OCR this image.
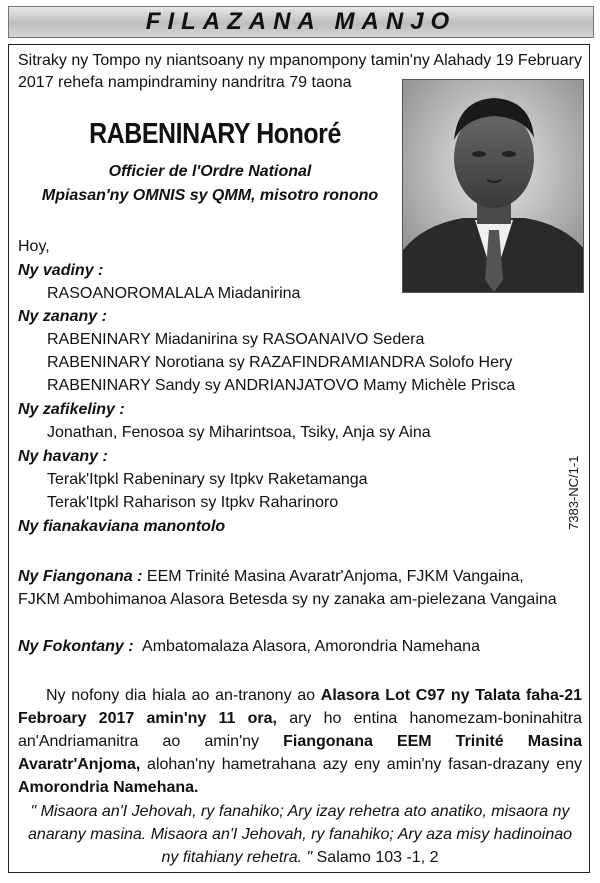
FILAZANA MANJO
Sitraky ny Tompo ny niantsoany ny mpanompony tamin'ny Alahady 19 February
2017 rehefa nampindraminy nandritra 79 taona
RABENINARY Honoré
Officier de l'Ordre National
Mpiasan'ny OMNIS sy QMM, misotro ronono
Hoy,
Ny vadiny :
RASOANOROMALALA Miadanirina
Ny zanany :
RABENINARY Miadanirina sy RASOANAIVO Sedera
RABENINARY Norotiana sy RAZAFINDRAMIANDRA Solofo Hery
RABENINARY Sandy sy ANDRIANJATOVO Mamy Michèle Prisca
Ny zafikeliny :
Jonathan, Fenosoa sy Miharintsoa, Tsiky, Anja sy Aina
Ny havany :
Terak'Itpkl Rabeninary sy Itpkv Raketamanga
Terak'Itpkl Raharison sy Itpkv Raharinoro
Ny fianakaviana manontolo	7383-NC/1-1
Ny Fiangonana : EEM Trinité Masina Avaratr'Anjoma, FJKM Vangaina,
FJKM Ambohimanoa Alasora Betesda sy ny zanaka am-pielezana Vangaina
Ny Fokontany : Ambatomalaza Alasora, Amorondria Namehana
Ny nofony dia hiala ao an-tranony ao Alasora Lot C97 ny Talata faha-21 Febroary 2017 amin'ny 11 ora, ary ho entina hanomezam-boninahitra an'Andriamanitra ao amin'ny Fiangonana EEM Trinité Masina Avaratr'Anjoma, alohan'ny hametrahana azy eny amin'ny fasan-drazany eny Amorondria Namehana.
" Misaora an'I Jehovah, ry fanahiko; Ary izay rehetra ato anatiko, misaora ny
anarany masina. Misaora an'I Jehovah, ry fanahiko; Ary aza misy hadinoinao
ny fitahiany rehetra. " Salamo 103 -1, 2
